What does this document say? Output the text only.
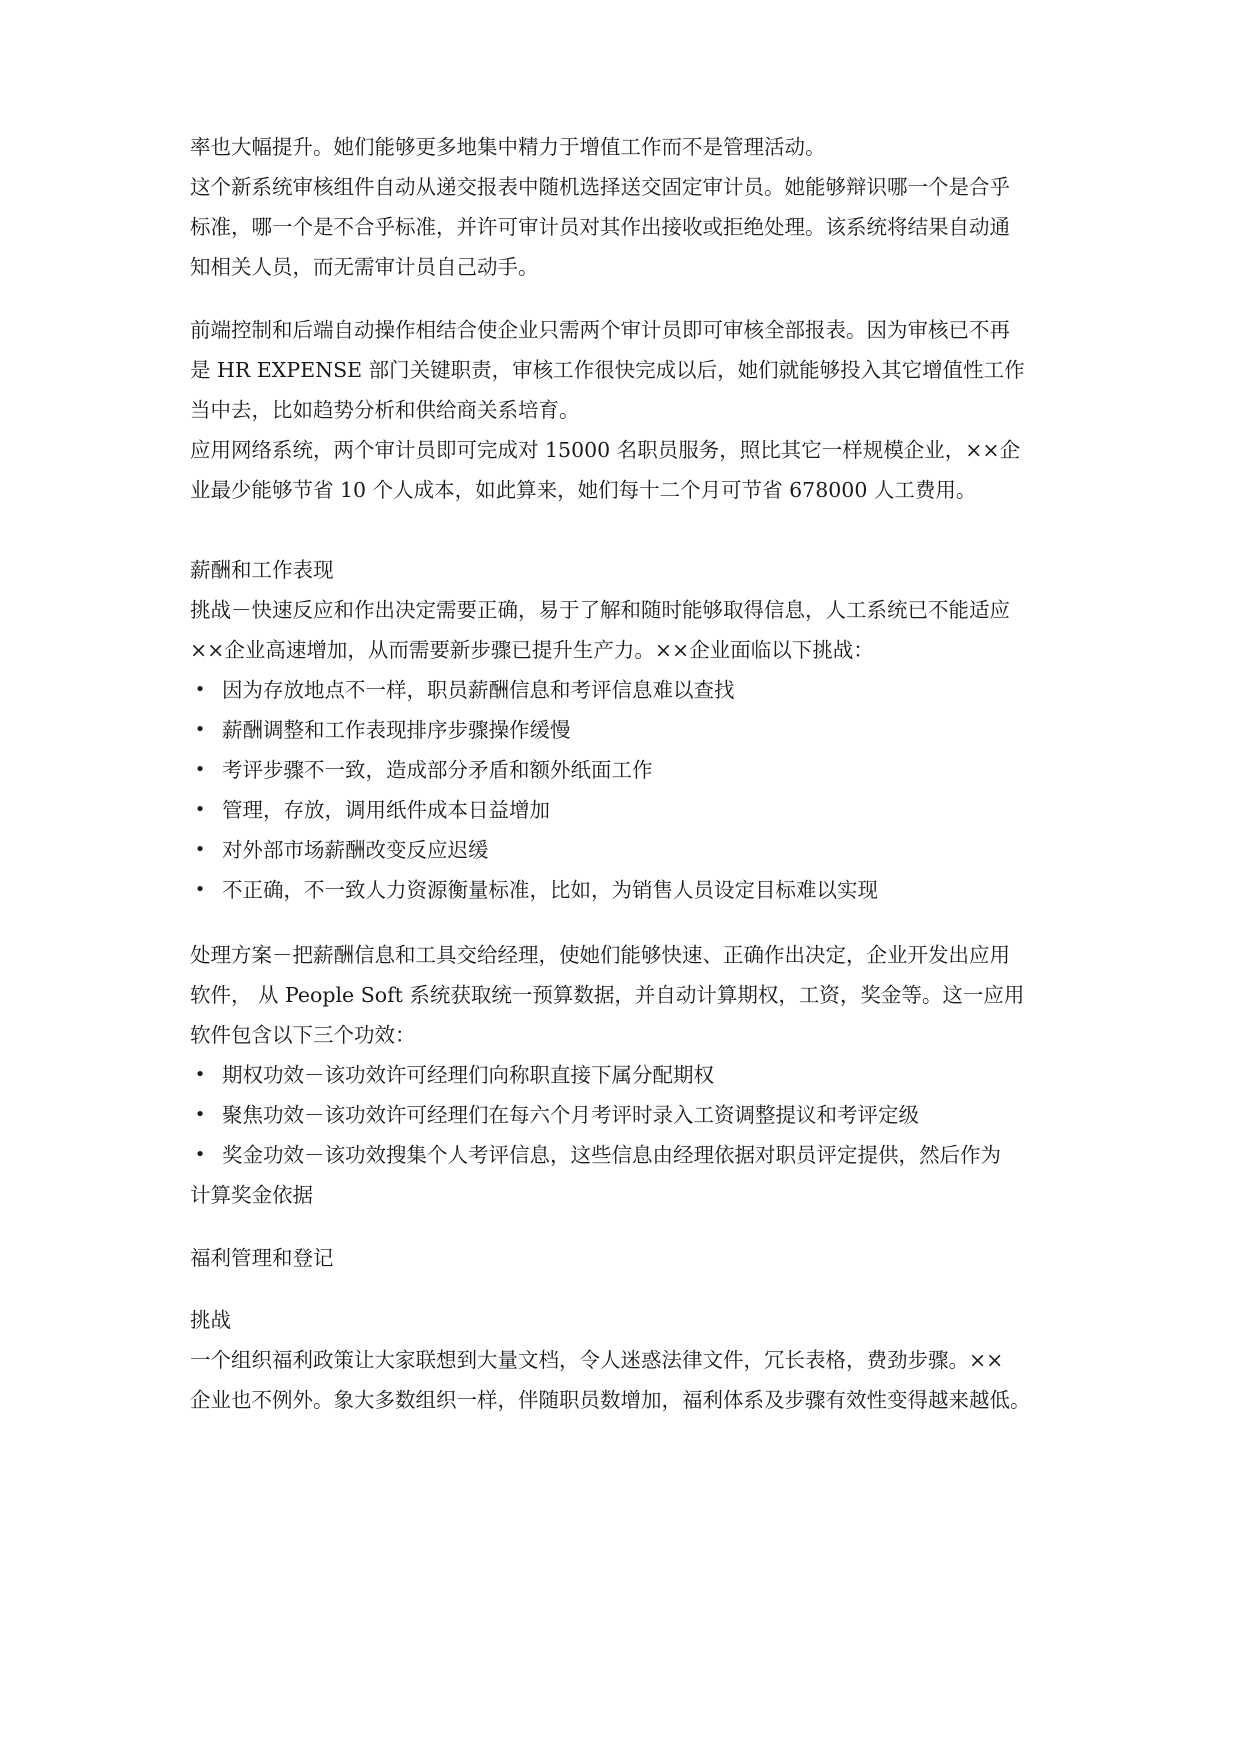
率也大幅提升。她们能够更多地集中精力于增值工作而不是管理活动。
这个新系统审核组件自动从递交报表中随机选择送交固定审计员。她能够辩识哪一个是合乎
标准，哪一个是不合乎标准，并许可审计员对其作出接收或拒绝处理。该系统将结果自动通
知相关人员，而无需审计员自己动手。
前端控制和后端自动操作相结合使企业只需两个审计员即可审核全部报表。因为审核已不再
是 HR EXPENSE 部门关键职责，审核工作很快完成以后，她们就能够投入其它增值性工作
当中去，比如趋势分析和供给商关系培育。
应用网络系统，两个审计员即可完成对 15000 名职员服务，照比其它一样规模企业，××企
业最少能够节省 10 个人成本，如此算来，她们每十二个月可节省 678000 人工费用。
薪酬和工作表现
挑战－快速反应和作出决定需要正确，易于了解和随时能够取得信息，人工系统已不能适应
××企业高速增加，从而需要新步骤已提升生产力。××企业面临以下挑战：
• 因为存放地点不一样，职员薪酬信息和考评信息难以查找
• 薪酬调整和工作表现排序步骤操作缓慢
• 考评步骤不一致，造成部分矛盾和额外纸面工作
• 管理，存放，调用纸件成本日益增加
• 对外部市场薪酬改变反应迟缓
• 不正确，不一致人力资源衡量标准，比如，为销售人员设定目标难以实现
处理方案－把薪酬信息和工具交给经理，使她们能够快速、正确作出决定，企业开发出应用
软件， 从 People Soft 系统获取统一预算数据，并自动计算期权，工资，奖金等。这一应用
软件包含以下三个功效：
• 期权功效－该功效许可经理们向称职直接下属分配期权
• 聚焦功效－该功效许可经理们在每六个月考评时录入工资调整提议和考评定级
• 奖金功效－该功效搜集个人考评信息，这些信息由经理依据对职员评定提供，然后作为
计算奖金依据
福利管理和登记
挑战
一个组织福利政策让大家联想到大量文档，令人迷惑法律文件，冗长表格，费劲步骤。××
企业也不例外。象大多数组织一样，伴随职员数增加，福利体系及步骤有效性变得越来越低。
